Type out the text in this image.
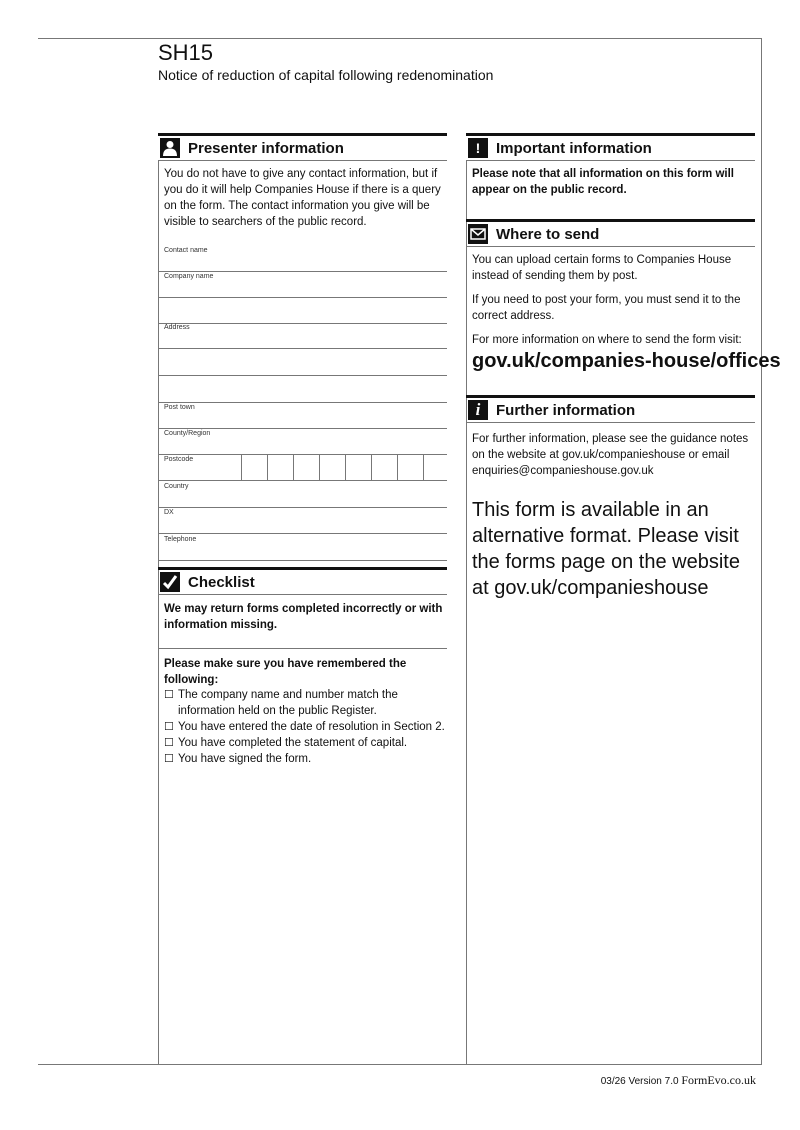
SH15
Notice of reduction of capital following redenomination
Presenter information
You do not have to give any contact information, but if you do it will help Companies House if there is a query on the form. The contact information you give will be visible to searchers of the public record.
Contact name
Company name
Address
Post town
County/Region
Postcode
Country
DX
Telephone
Checklist
We may return forms completed incorrectly or with information missing.
Please make sure you have remembered the following:
☐ The company name and number match the information held on the public Register.
☐ You have entered the date of resolution in Section 2.
☐ You have completed the statement of capital.
☐ You have signed the form.
!	Important information
Please note that all information on this form will appear on the public record.
Where to send
You can upload certain forms to Companies House instead of sending them by post.
If you need to post your form, you must send it to the correct address.
For more information on where to send the form visit:
gov.uk/companies-house/offices
i	Further information
For further information, please see the guidance notes on the website at gov.uk/companieshouse or email enquiries@companieshouse.gov.uk
This form is available in an alternative format. Please visit the forms page on the website at gov.uk/companieshouse
03/26 Version 7.0 FormEvo.co.uk
